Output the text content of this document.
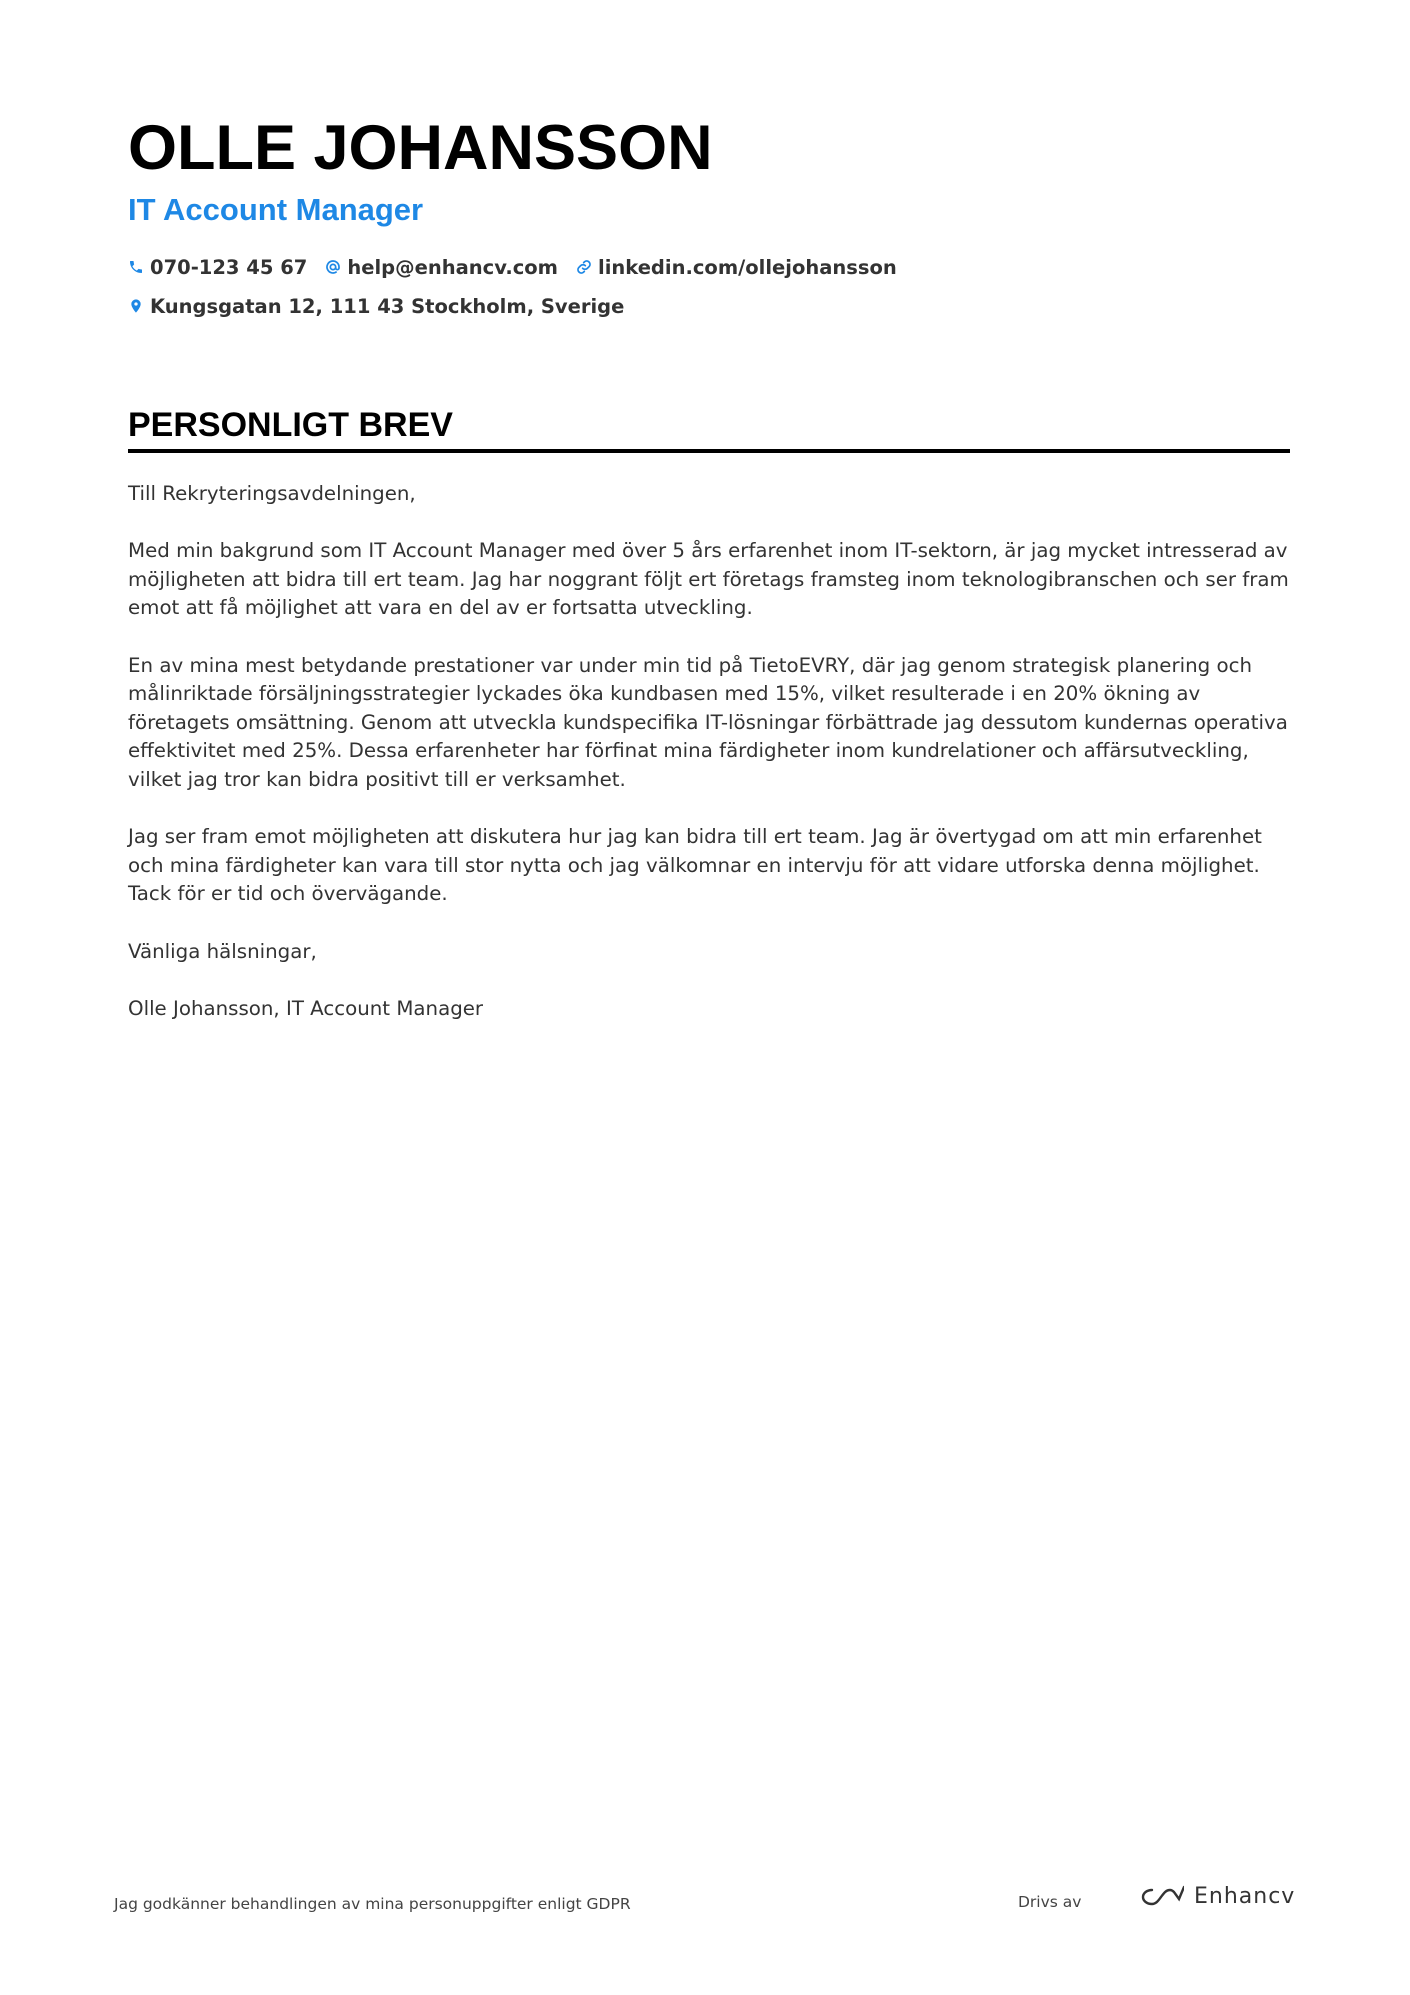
OLLE JOHANSSON
IT Account Manager
070-123 45 67 help@enhancv.com linkedin.com/ollejohansson
Kungsgatan 12, 111 43 Stockholm, Sverige
PERSONLIGT BREV

Till Rekryteringsavdelningen,

Med min bakgrund som IT Account Manager med över 5 års erfarenhet inom IT-sektorn, är jag mycket intresserad av möjligheten att bidra till ert team. Jag har noggrant följt ert företags framsteg inom teknologibranschen och ser fram emot att få möjlighet att vara en del av er fortsatta utveckling.

En av mina mest betydande prestationer var under min tid på TietoEVRY, där jag genom strategisk planering och målinriktade försäljningsstrategier lyckades öka kundbasen med 15%, vilket resulterade i en 20% ökning av företagets omsättning. Genom att utveckla kundspecifika IT-lösningar förbättrade jag dessutom kundernas operativa effektivitet med 25%. Dessa erfarenheter har förfinat mina färdigheter inom kundrelationer och affärsutveckling, vilket jag tror kan bidra positivt till er verksamhet.

Jag ser fram emot möjligheten att diskutera hur jag kan bidra till ert team. Jag är övertygad om att min erfarenhet och mina färdigheter kan vara till stor nytta och jag välkomnar en intervju för att vidare utforska denna möjlighet. Tack för er tid och övervägande.

Vänliga hälsningar,

Olle Johansson, IT Account Manager

Jag godkänner behandlingen av mina personuppgifter enligt GDPR	Drivs av	Enhancv
